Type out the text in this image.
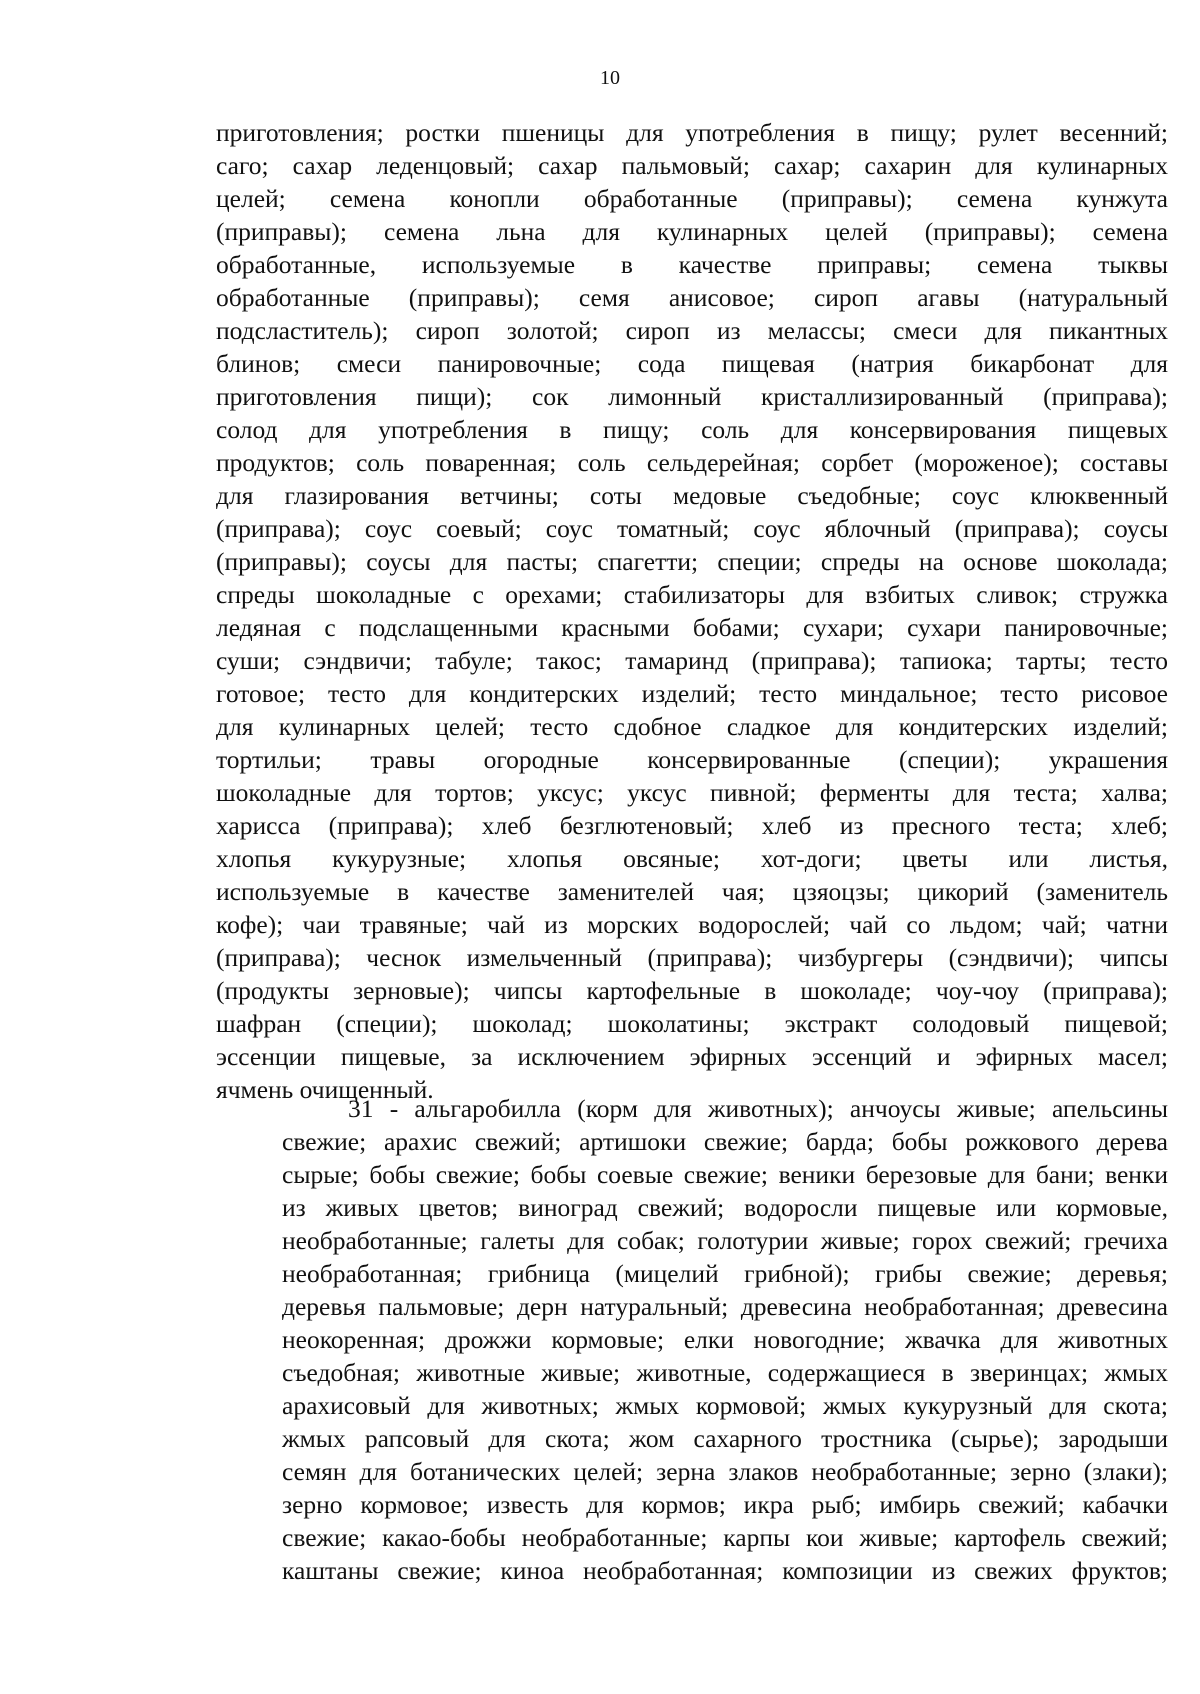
10
приготовления; ростки пшеницы для употребления в пищу; рулет весенний;
саго; сахар леденцовый; сахар пальмовый; сахар; сахарин для кулинарных
целей; семена конопли обработанные (приправы); семена кунжута
(приправы); семена льна для кулинарных целей (приправы); семена
обработанные, используемые в качестве приправы; семена тыквы
обработанные (приправы); семя анисовое; сироп агавы (натуральный
подсластитель); сироп золотой; сироп из мелассы; смеси для пикантных
блинов; смеси панировочные; сода пищевая (натрия бикарбонат для
приготовления пищи); сок лимонный кристаллизированный (приправа);
солод для употребления в пищу; соль для консервирования пищевых
продуктов; соль поваренная; соль сельдерейная; сорбет (мороженое); составы
для глазирования ветчины; соты медовые съедобные; соус клюквенный
(приправа); соус соевый; соус томатный; соус яблочный (приправа); соусы
(приправы); соусы для пасты; спагетти; специи; спреды на основе шоколада;
спреды шоколадные с орехами; стабилизаторы для взбитых сливок; стружка
ледяная с подслащенными красными бобами; сухари; сухари панировочные;
суши; сэндвичи; табуле; такос; тамаринд (приправа); тапиока; тарты; тесто
готовое; тесто для кондитерских изделий; тесто миндальное; тесто рисовое
для кулинарных целей; тесто сдобное сладкое для кондитерских изделий;
тортильи; травы огородные консервированные (специи); украшения
шоколадные для тортов; уксус; уксус пивной; ферменты для теста; халва;
харисса (приправа); хлеб безглютеновый; хлеб из пресного теста; хлеб;
хлопья кукурузные; хлопья овсяные; хот-доги; цветы или листья,
используемые в качестве заменителей чая; цзяоцзы; цикорий (заменитель
кофе); чаи травяные; чай из морских водорослей; чай со льдом; чай; чатни
(приправа); чеснок измельченный (приправа); чизбургеры (сэндвичи); чипсы
(продукты зерновые); чипсы картофельные в шоколаде; чоу-чоу (приправа);
шафран (специи); шоколад; шоколатины; экстракт солодовый пищевой;
эссенции пищевые, за исключением эфирных эссенций и эфирных масел;
ячмень очищенный.
31 - альгаробилла (корм для животных); анчоусы живые; апельсины
свежие; арахис свежий; артишоки свежие; барда; бобы рожкового дерева
сырые; бобы свежие; бобы соевые свежие; веники березовые для бани; венки
из живых цветов; виноград свежий; водоросли пищевые или кормовые,
необработанные; галеты для собак; голотурии живые; горох свежий; гречиха
необработанная; грибница (мицелий грибной); грибы свежие; деревья;
деревья пальмовые; дерн натуральный; древесина необработанная; древесина
неокоренная; дрожжи кормовые; елки новогодние; жвачка для животных
съедобная; животные живые; животные, содержащиеся в зверинцах; жмых
арахисовый для животных; жмых кормовой; жмых кукурузный для скота;
жмых рапсовый для скота; жом сахарного тростника (сырье); зародыши
семян для ботанических целей; зерна злаков необработанные; зерно (злаки);
зерно кормовое; известь для кормов; икра рыб; имбирь свежий; кабачки
свежие; какао-бобы необработанные; карпы кои живые; картофель свежий;
каштаны свежие; киноа необработанная; композиции из свежих фруктов;
